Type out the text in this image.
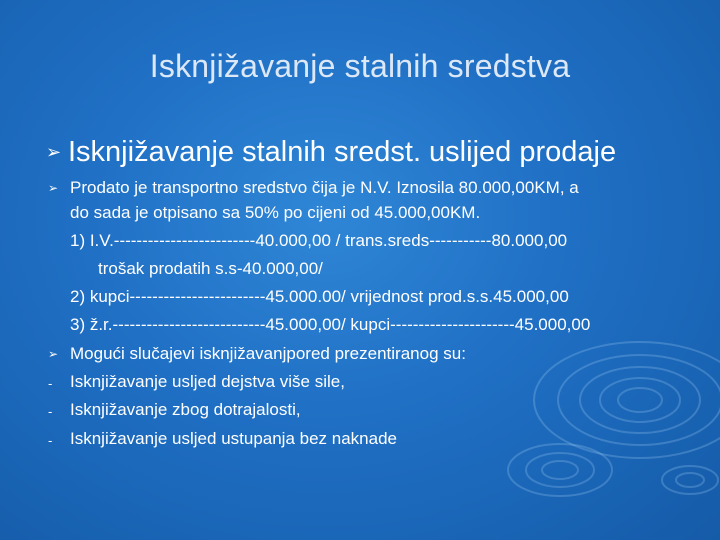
Isknjižavanje stalnih sredstva
➢ Isknjižavanje stalnih sredst. uslijed prodaje
➢ Prodato je transportno sredstvo čija je N.V. Iznosila 80.000,00KM, a
do sada je otpisano sa 50% po cijeni od 45.000,00KM.
1) I.V.-------------------------40.000,00 / trans.sreds-----------80.000,00
trošak prodatih s.s-40.000,00/
2) kupci------------------------45.000.00/ vrijednost prod.s.s.45.000,00
3) ž.r.---------------------------45.000,00/ kupci----------------------45.000,00
➢ Mogući slučajevi isknjižavanjpored prezentiranog su:
-	Isknjižavanje usljed dejstva više sile,
-	Isknjižavanje zbog dotrajalosti,
-	Isknjižavanje usljed ustupanja bez naknade
